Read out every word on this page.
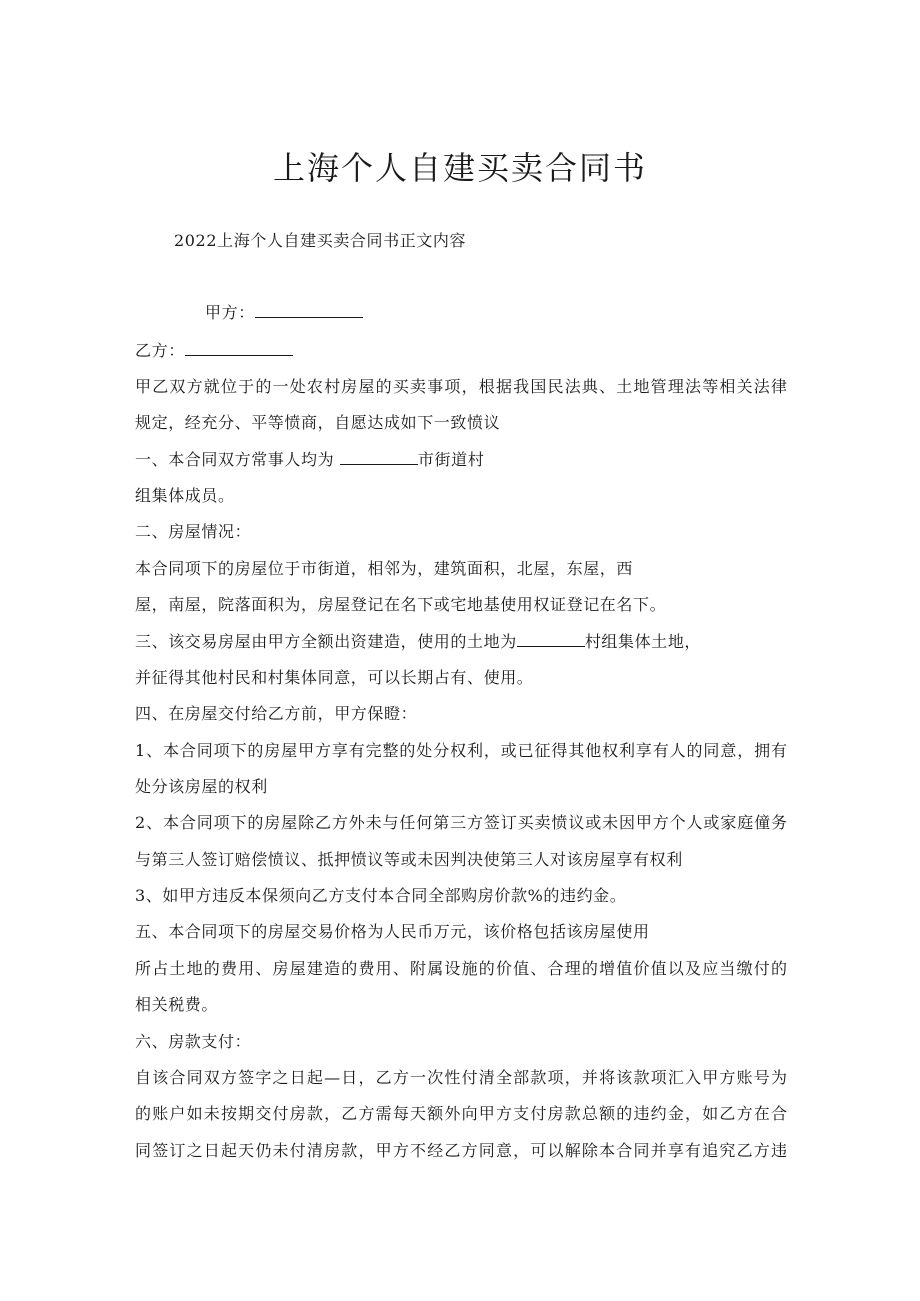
上海个人自建买卖合同书
2022上海个人自建买卖合同书正文内容
甲方：
乙方：
甲乙双方就位于的一处农村房屋的买卖事项，根据我国民法典、土地管理法等相关法律
规定，经充分、平等愤商，自愿达成如下一致愤议
一、本合同双方常事人均为	市街道村
组集体成员。
二、房屋情况：
本合同项下的房屋位于市街道，相邻为，建筑面积，北屋，东屋，西
屋，南屋，院落面积为，房屋登记在名下或宅地基使用权证登记在名下。
三、该交易房屋由甲方全额出资建造，使用的土地为	村组集体土地，
并征得其他村民和村集体同意，可以长期占有、使用。
四、在房屋交付给乙方前，甲方保瞪：
1、本合同项下的房屋甲方享有完整的处分权利，或已征得其他权利享有人的同意，拥有
处分该房屋的权利
2、本合同项下的房屋除乙方外未与任何第三方签订买卖愤议或未因甲方个人或家庭僮务
与第三人签订赔偿愤议、抵押愤议等或未因判决使第三人对该房屋享有权利
3、如甲方违反本保须向乙方支付本合同全部购房价款%的违约金。
五、本合同项下的房屋交易价格为人民币万元，该价格包括该房屋使用
所占土地的费用、房屋建造的费用、附属设施的价值、合理的增值价值以及应当缴付的
相关税费。
六、房款支付：
自该合同双方签字之日起—日，乙方一次性付清全部款项，并将该款项汇入甲方账号为
的账户如未按期交付房款，乙方需每天额外向甲方支付房款总额的违约金，如乙方在合
同签订之日起天仍未付清房款，甲方不经乙方同意，可以解除本合同并享有追究乙方违
